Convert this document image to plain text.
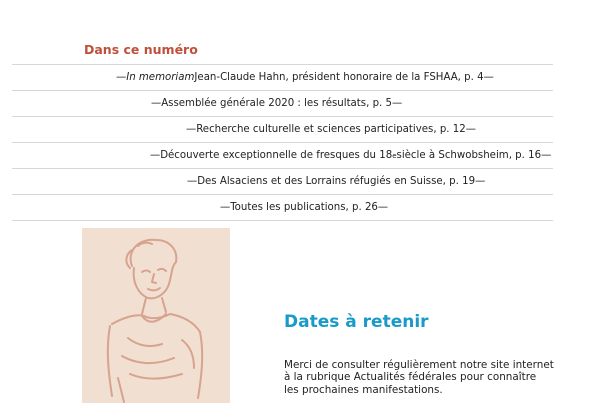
Dans ce numéro
— In memoriam Jean-Claude Hahn, président honoraire de la FSHAA, p. 4 —
— Assemblée générale 2020 : les résultats, p. 5 —
— Recherche culturelle et sciences participatives, p. 12 —
— Découverte exceptionnelle de fresques du 18 e siècle à Schwobsheim, p. 16 —
— Des Alsaciens et des Lorrains réfugiés en Suisse, p. 19 —
— Toutes les publications, p. 26 —
Dates à retenir
Merci de consulter régulièrement notre site internet à la rubrique Actualités fédérales pour connaître les prochaines manifestations.
